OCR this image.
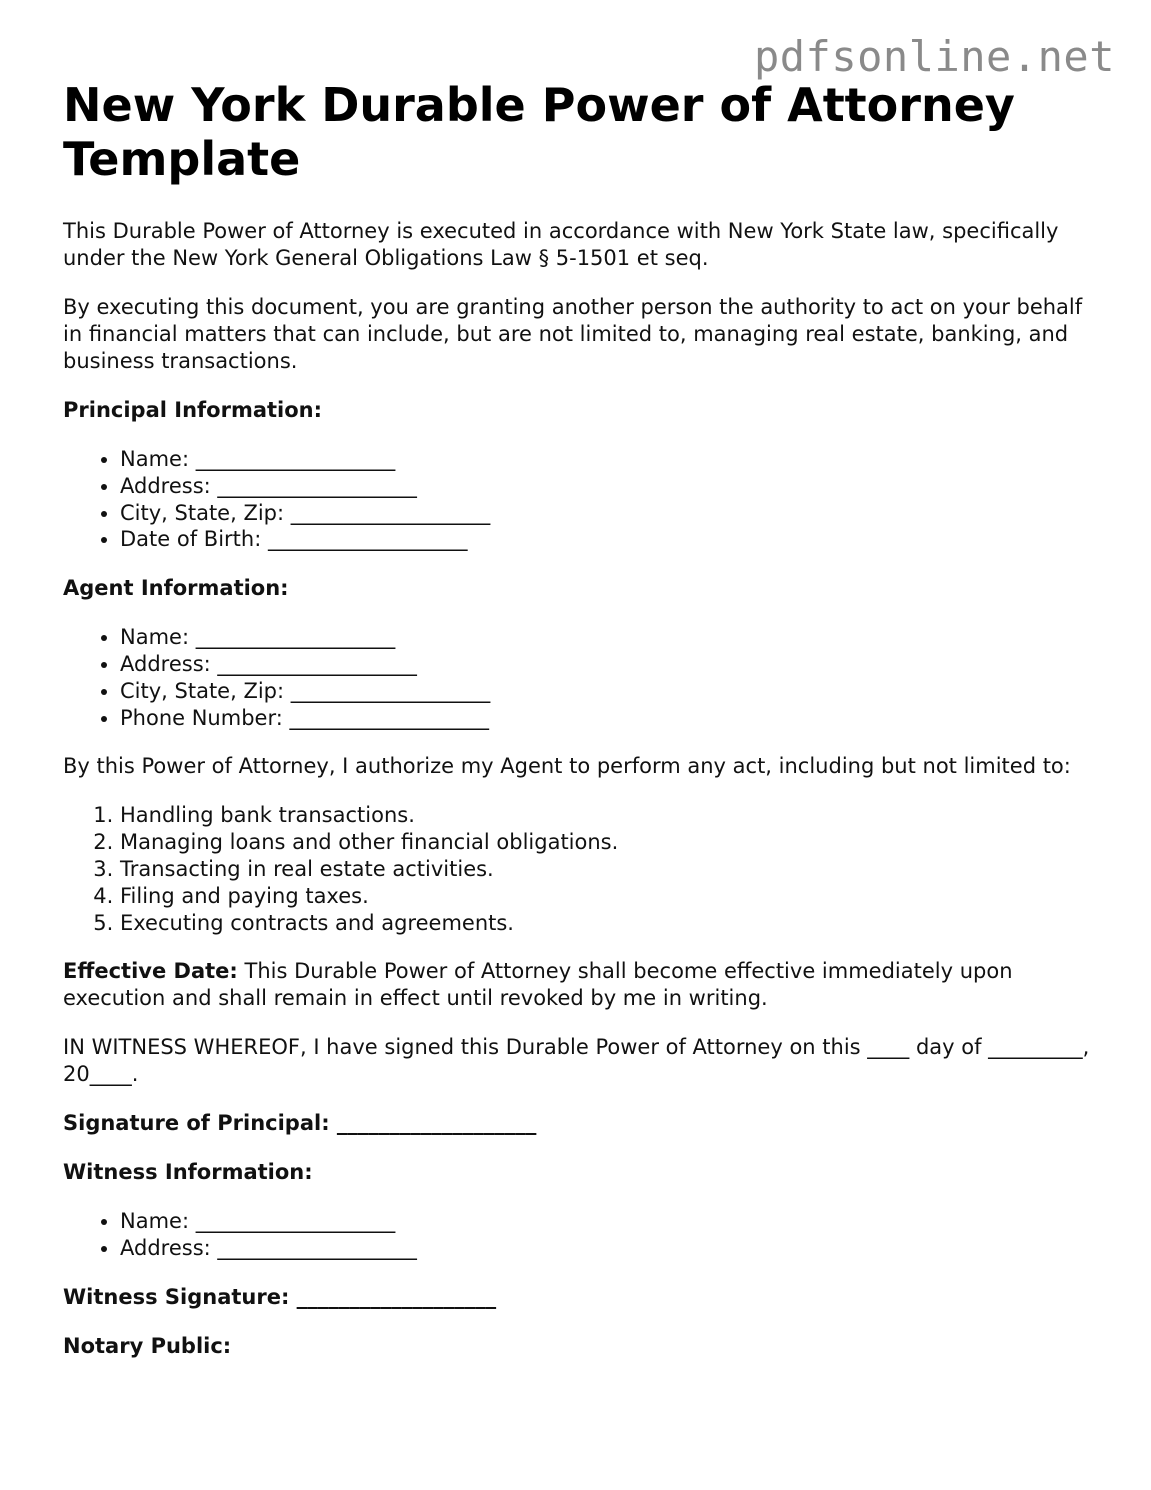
pdfsonline.net
New York Durable Power of Attorney Template

This Durable Power of Attorney is executed in accordance with New York State law, specifically under the New York General Obligations Law § 5-1501 et seq.

By executing this document, you are granting another person the authority to act on your behalf in financial matters that can include, but are not limited to, managing real estate, banking, and business transactions.

Principal Information:
• Name: ___________________
• Address: ___________________
• City, State, Zip: ___________________
• Date of Birth: ___________________
Agent Information:
• Name: ___________________
• Address: ___________________
• City, State, Zip: ___________________
• Phone Number: ___________________

By this Power of Attorney, I authorize my Agent to perform any act, including but not limited to:

1. Handling bank transactions.
2. Managing loans and other financial obligations.
3. Transacting in real estate activities.
4. Filing and paying taxes.
5. Executing contracts and agreements.

Effective Date: This Durable Power of Attorney shall become effective immediately upon execution and shall remain in effect until revoked by me in writing.

IN WITNESS WHEREOF, I have signed this Durable Power of Attorney on this ____ day of _________, 20____.

Signature of Principal: ___________________
Witness Information:
• Name: ___________________
• Address: ___________________
Witness Signature: ___________________
Notary Public:
